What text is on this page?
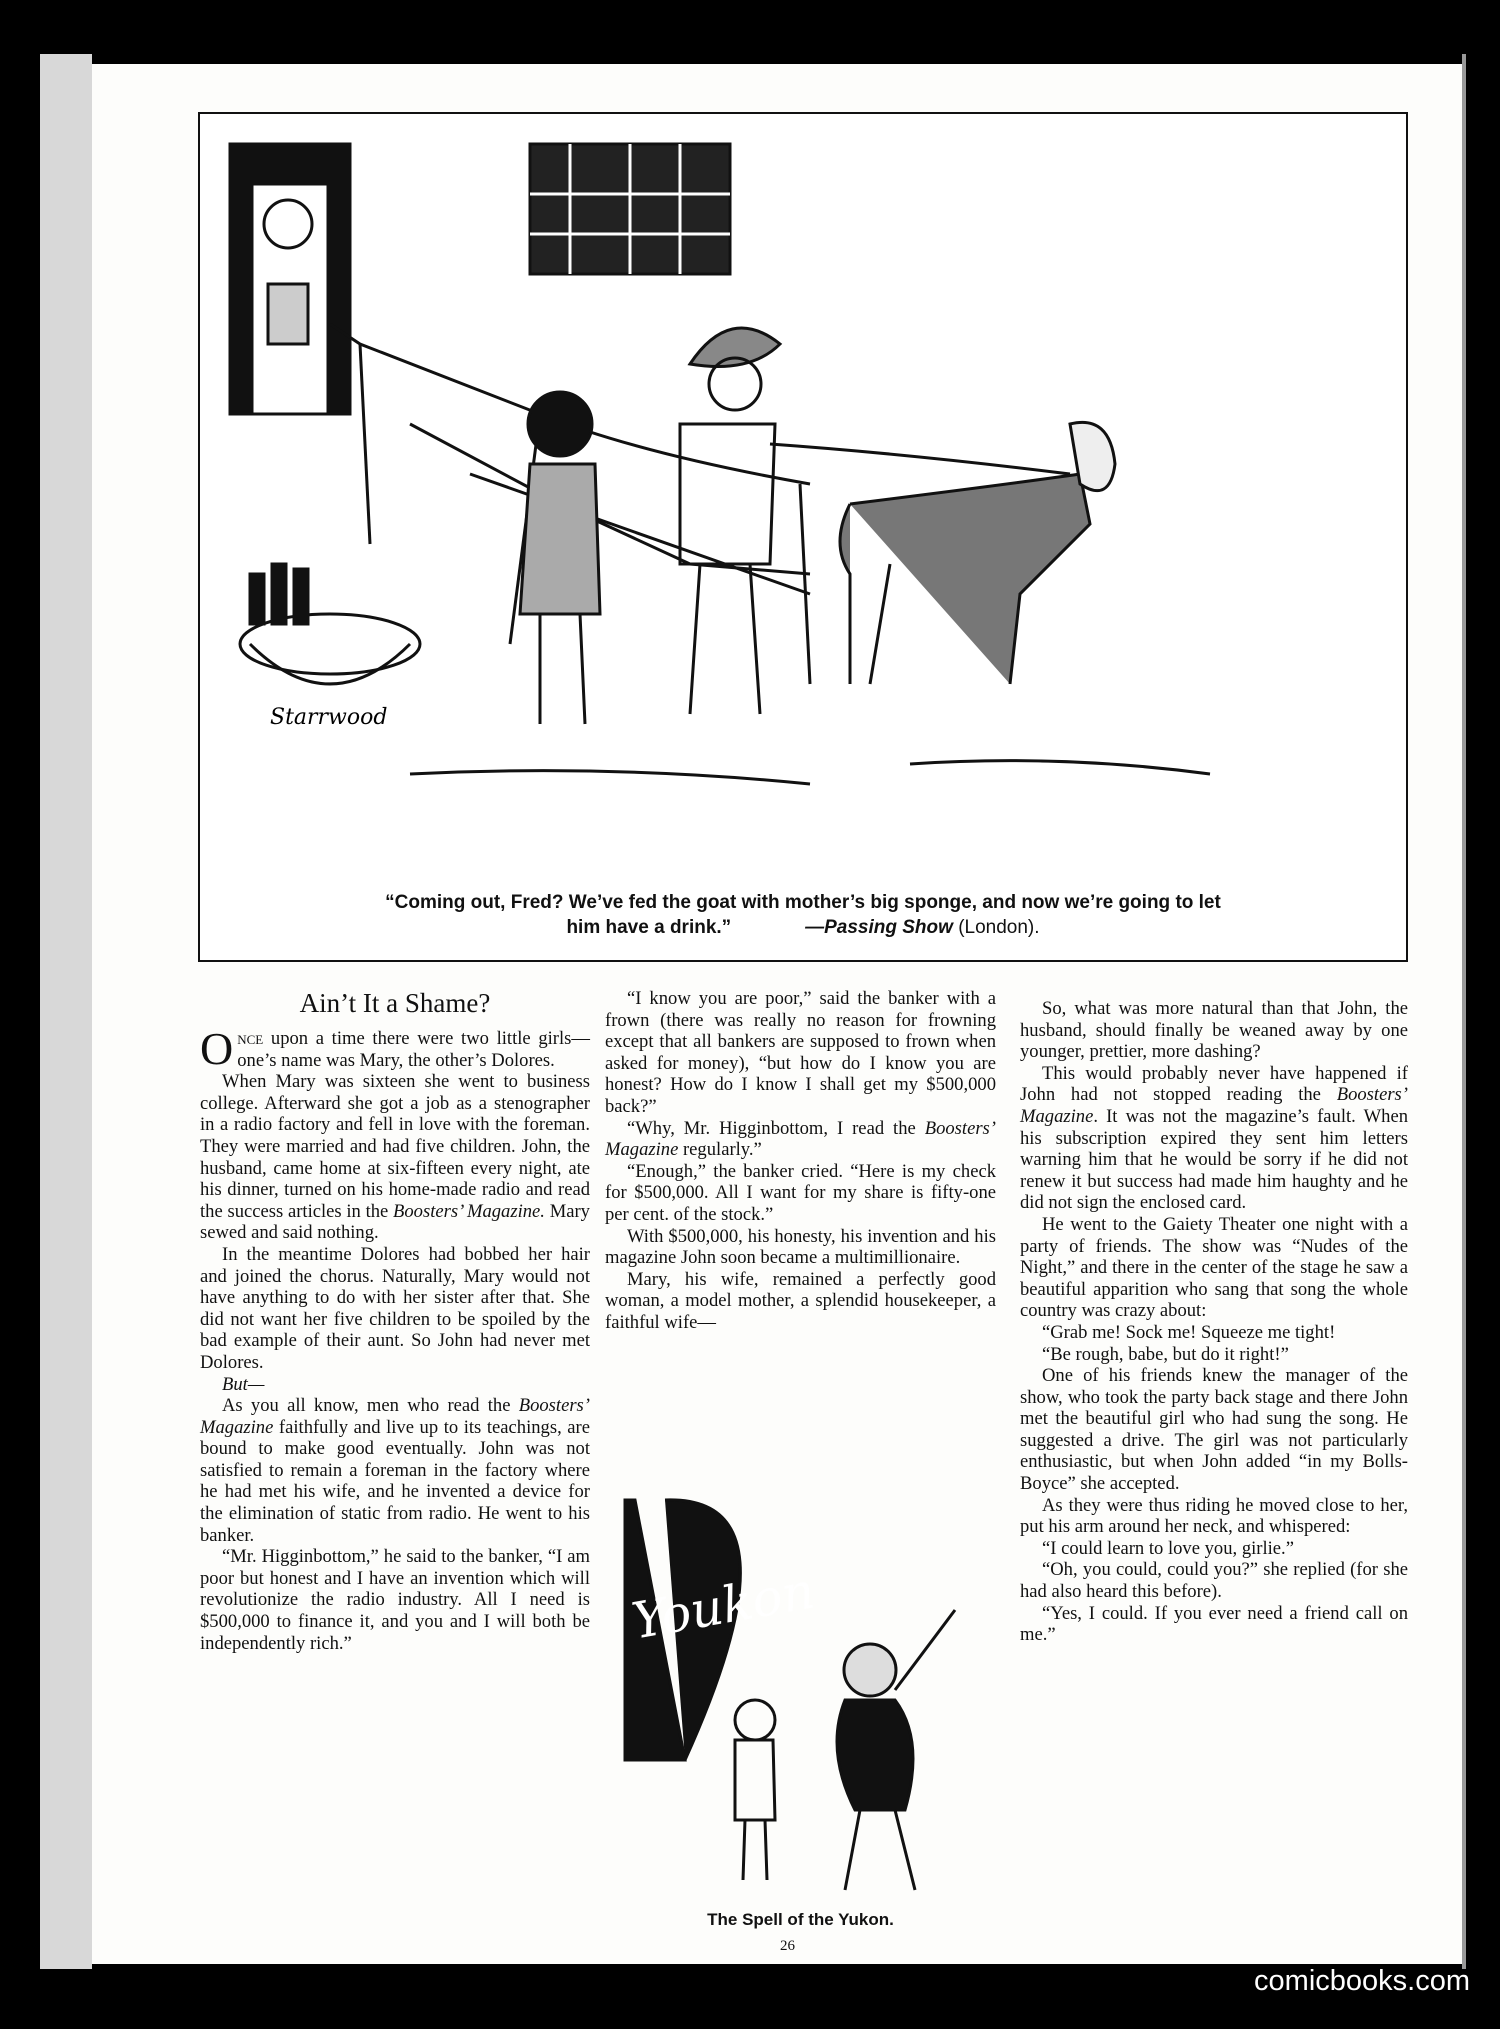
Starrwood
“Coming out, Fred? We’ve fed the goat with mother’s big sponge, and now we’re going to let
him have a drink.”	—Passing Show (London).
Ain’t It a Shame?

Once upon a time there were two little girls—one’s name was Mary, the other’s Dolores.

When Mary was sixteen she went to business college. Afterward she got a job as a stenographer in a radio factory and fell in love with the foreman. They were married and had five children. John, the husband, came home at six-fifteen every night, ate his dinner, turned on his home-made radio and read the success articles in the Boosters’ Magazine. Mary sewed and said nothing.

In the meantime Dolores had bobbed her hair and joined the chorus. Naturally, Mary would not have anything to do with her sister after that. She did not want her five children to be spoiled by the bad example of their aunt. So John had never met Dolores.

But—

As you all know, men who read the Boosters’ Magazine faithfully and live up to its teachings, are bound to make good eventually. John was not satisfied to remain a foreman in the factory where he had met his wife, and he invented a device for the elimination of static from radio. He went to his banker.

“Mr. Higginbottom,” he said to the banker, “I am poor but honest and I have an invention which will revolutionize the radio industry. All I need is $500,000 to finance it, and you and I will both be independently rich.”

“I know you are poor,” said the banker with a frown (there was really no reason for frowning except that all bankers are supposed to frown when asked for money), “but how do I know you are honest? How do I know I shall get my $500,000 back?”

“Why, Mr. Higginbottom, I read the Boosters’ Magazine regularly.”

“Enough,” the banker cried. “Here is my check for $500,000. All I want for my share is fifty-one per cent. of the stock.”

With $500,000, his honesty, his invention and his magazine John soon became a multimillionaire.

Mary, his wife, remained a perfectly good woman, a model mother, a splendid housekeeper, a faithful wife—

Youkon
The Spell of the Yukon.

So, what was more natural than that John, the husband, should finally be weaned away by one younger, prettier, more dashing?

This would probably never have happened if John had not stopped reading the Boosters’ Magazine. It was not the magazine’s fault. When his subscription expired they sent him letters warning him that he would be sorry if he did not renew it but success had made him haughty and he did not sign the enclosed card.

He went to the Gaiety Theater one night with a party of friends. The show was “Nudes of the Night,” and there in the center of the stage he saw a beautiful apparition who sang that song the whole country was crazy about:

“Grab me! Sock me! Squeeze me tight!

“Be rough, babe, but do it right!”

One of his friends knew the manager of the show, who took the party back stage and there John met the beautiful girl who had sung the song. He suggested a drive. The girl was not particularly enthusiastic, but when John added “in my Bolls-Boyce” she accepted.

As they were thus riding he moved close to her, put his arm around her neck, and whispered:

“I could learn to love you, girlie.”

“Oh, you could, could you?” she replied (for she had also heard this before).

“Yes, I could. If you ever need a friend call on me.”

26
comicbooks.com
